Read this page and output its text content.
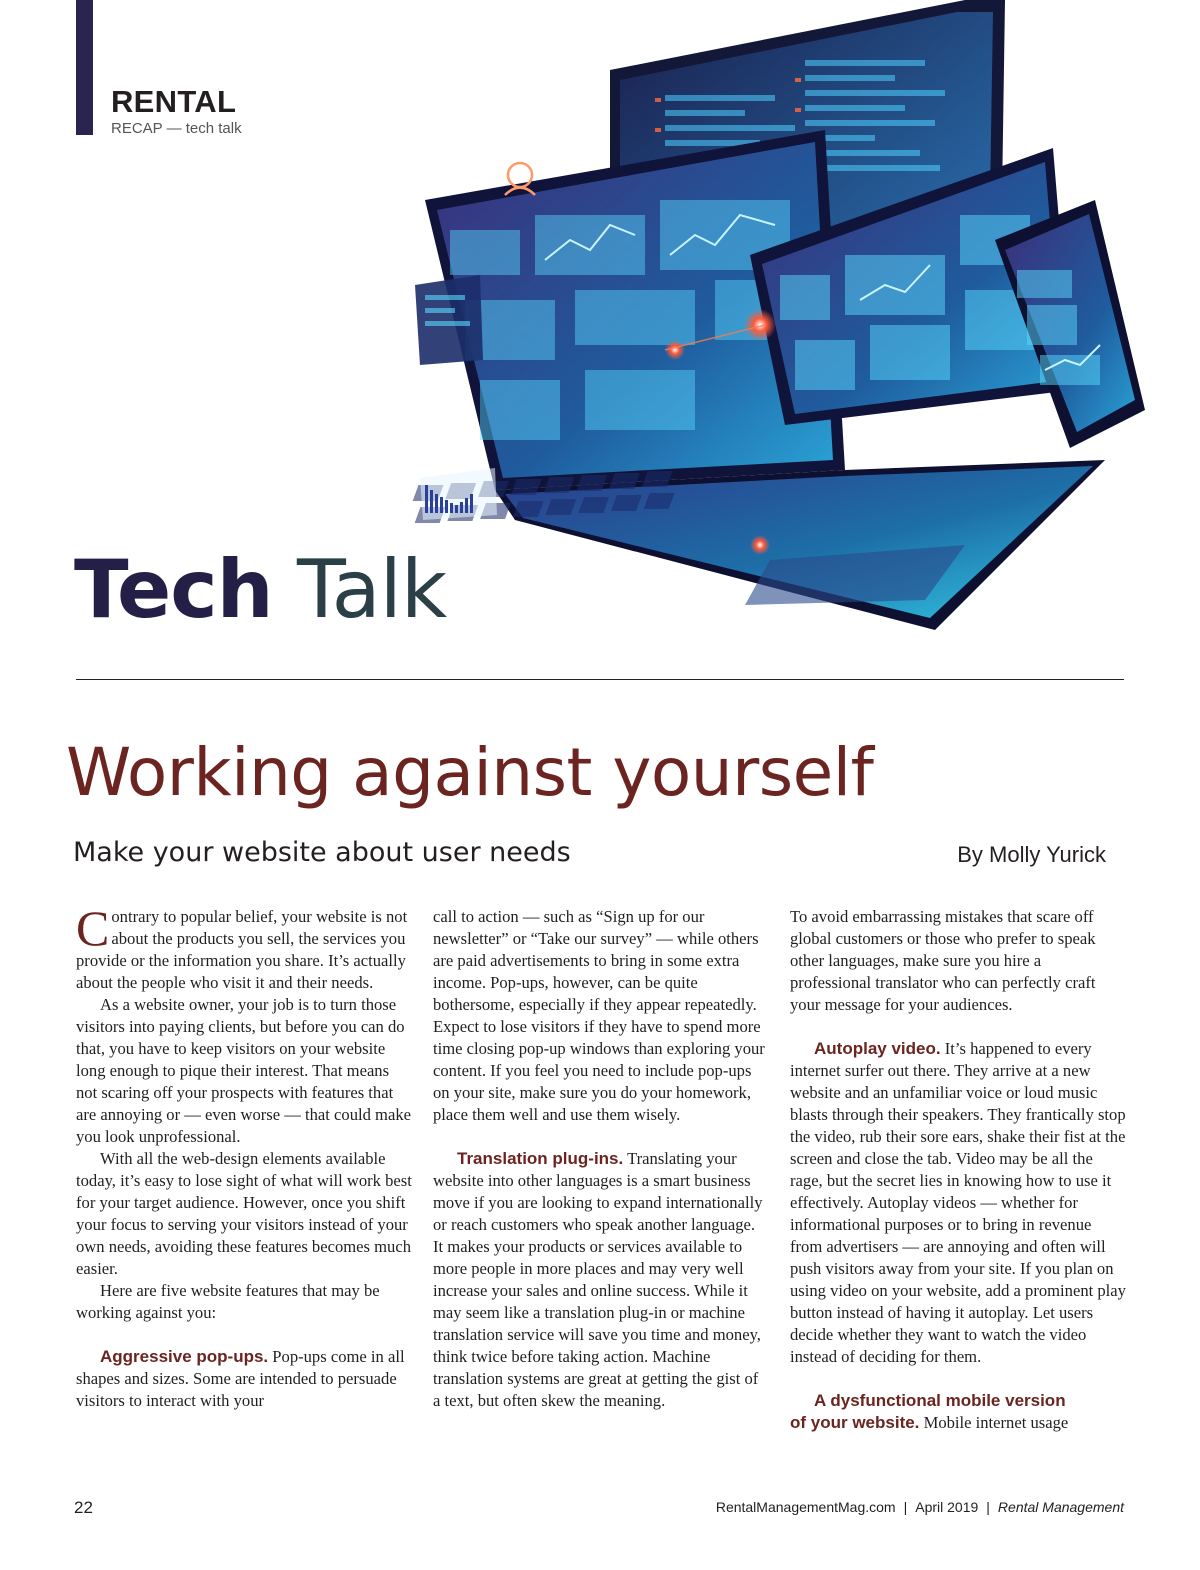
RENTAL
RECAP — tech talk
Tech Talk
Working against yourself
Make your website about user needs	By Molly Yurick

Contrary to popular belief, your website is not about the products you sell, the services you provide or the information you share. It’s actually about the people who visit it and their needs.

As a website owner, your job is to turn those visitors into paying clients, but before you can do that, you have to keep visitors on your website long enough to pique their interest. That means not scaring off your prospects with features that are annoying or — even worse — that could make you look unprofessional.

With all the web-design elements available today, it’s easy to lose sight of what will work best for your target audience. However, once you shift your focus to serving your visitors instead of your own needs, avoiding these features becomes much easier.

Here are five website features that may be working against you:

Aggressive pop-ups. Pop-ups come in all shapes and sizes. Some are intended to persuade visitors to interact with your

call to action — such as “Sign up for our newsletter” or “Take our survey” — while others are paid advertisements to bring in some extra income. Pop-ups, however, can be quite bothersome, especially if they appear repeatedly. Expect to lose visitors if they have to spend more time closing pop-up windows than exploring your content. If you feel you need to include pop-ups on your site, make sure you do your homework, place them well and use them wisely.

Translation plug-ins. Translating your website into other languages is a smart business move if you are looking to expand internationally or reach customers who speak another language. It makes your products or services available to more people in more places and may very well increase your sales and online success. While it may seem like a translation plug-in or machine translation service will save you time and money, think twice before taking action. Machine translation systems are great at getting the gist of a text, but often skew the meaning.

To avoid embarrassing mistakes that scare off global customers or those who prefer to speak other languages, make sure you hire a professional translator who can perfectly craft your message for your audiences.

Autoplay video. It’s happened to every internet surfer out there. They arrive at a new website and an unfamiliar voice or loud music blasts through their speakers. They frantically stop the video, rub their sore ears, shake their fist at the screen and close the tab. Video may be all the rage, but the secret lies in knowing how to use it effectively. Autoplay videos — whether for informational purposes or to bring in revenue from advertisers — are annoying and often will push visitors away from your site. If you plan on using video on your website, add a prominent play button instead of having it autoplay. Let users decide whether they want to watch the video instead of deciding for them.

A dysfunctional mobile version
of your website. Mobile internet usage

22	RentalManagementMag.com | April 2019 | Rental Management
